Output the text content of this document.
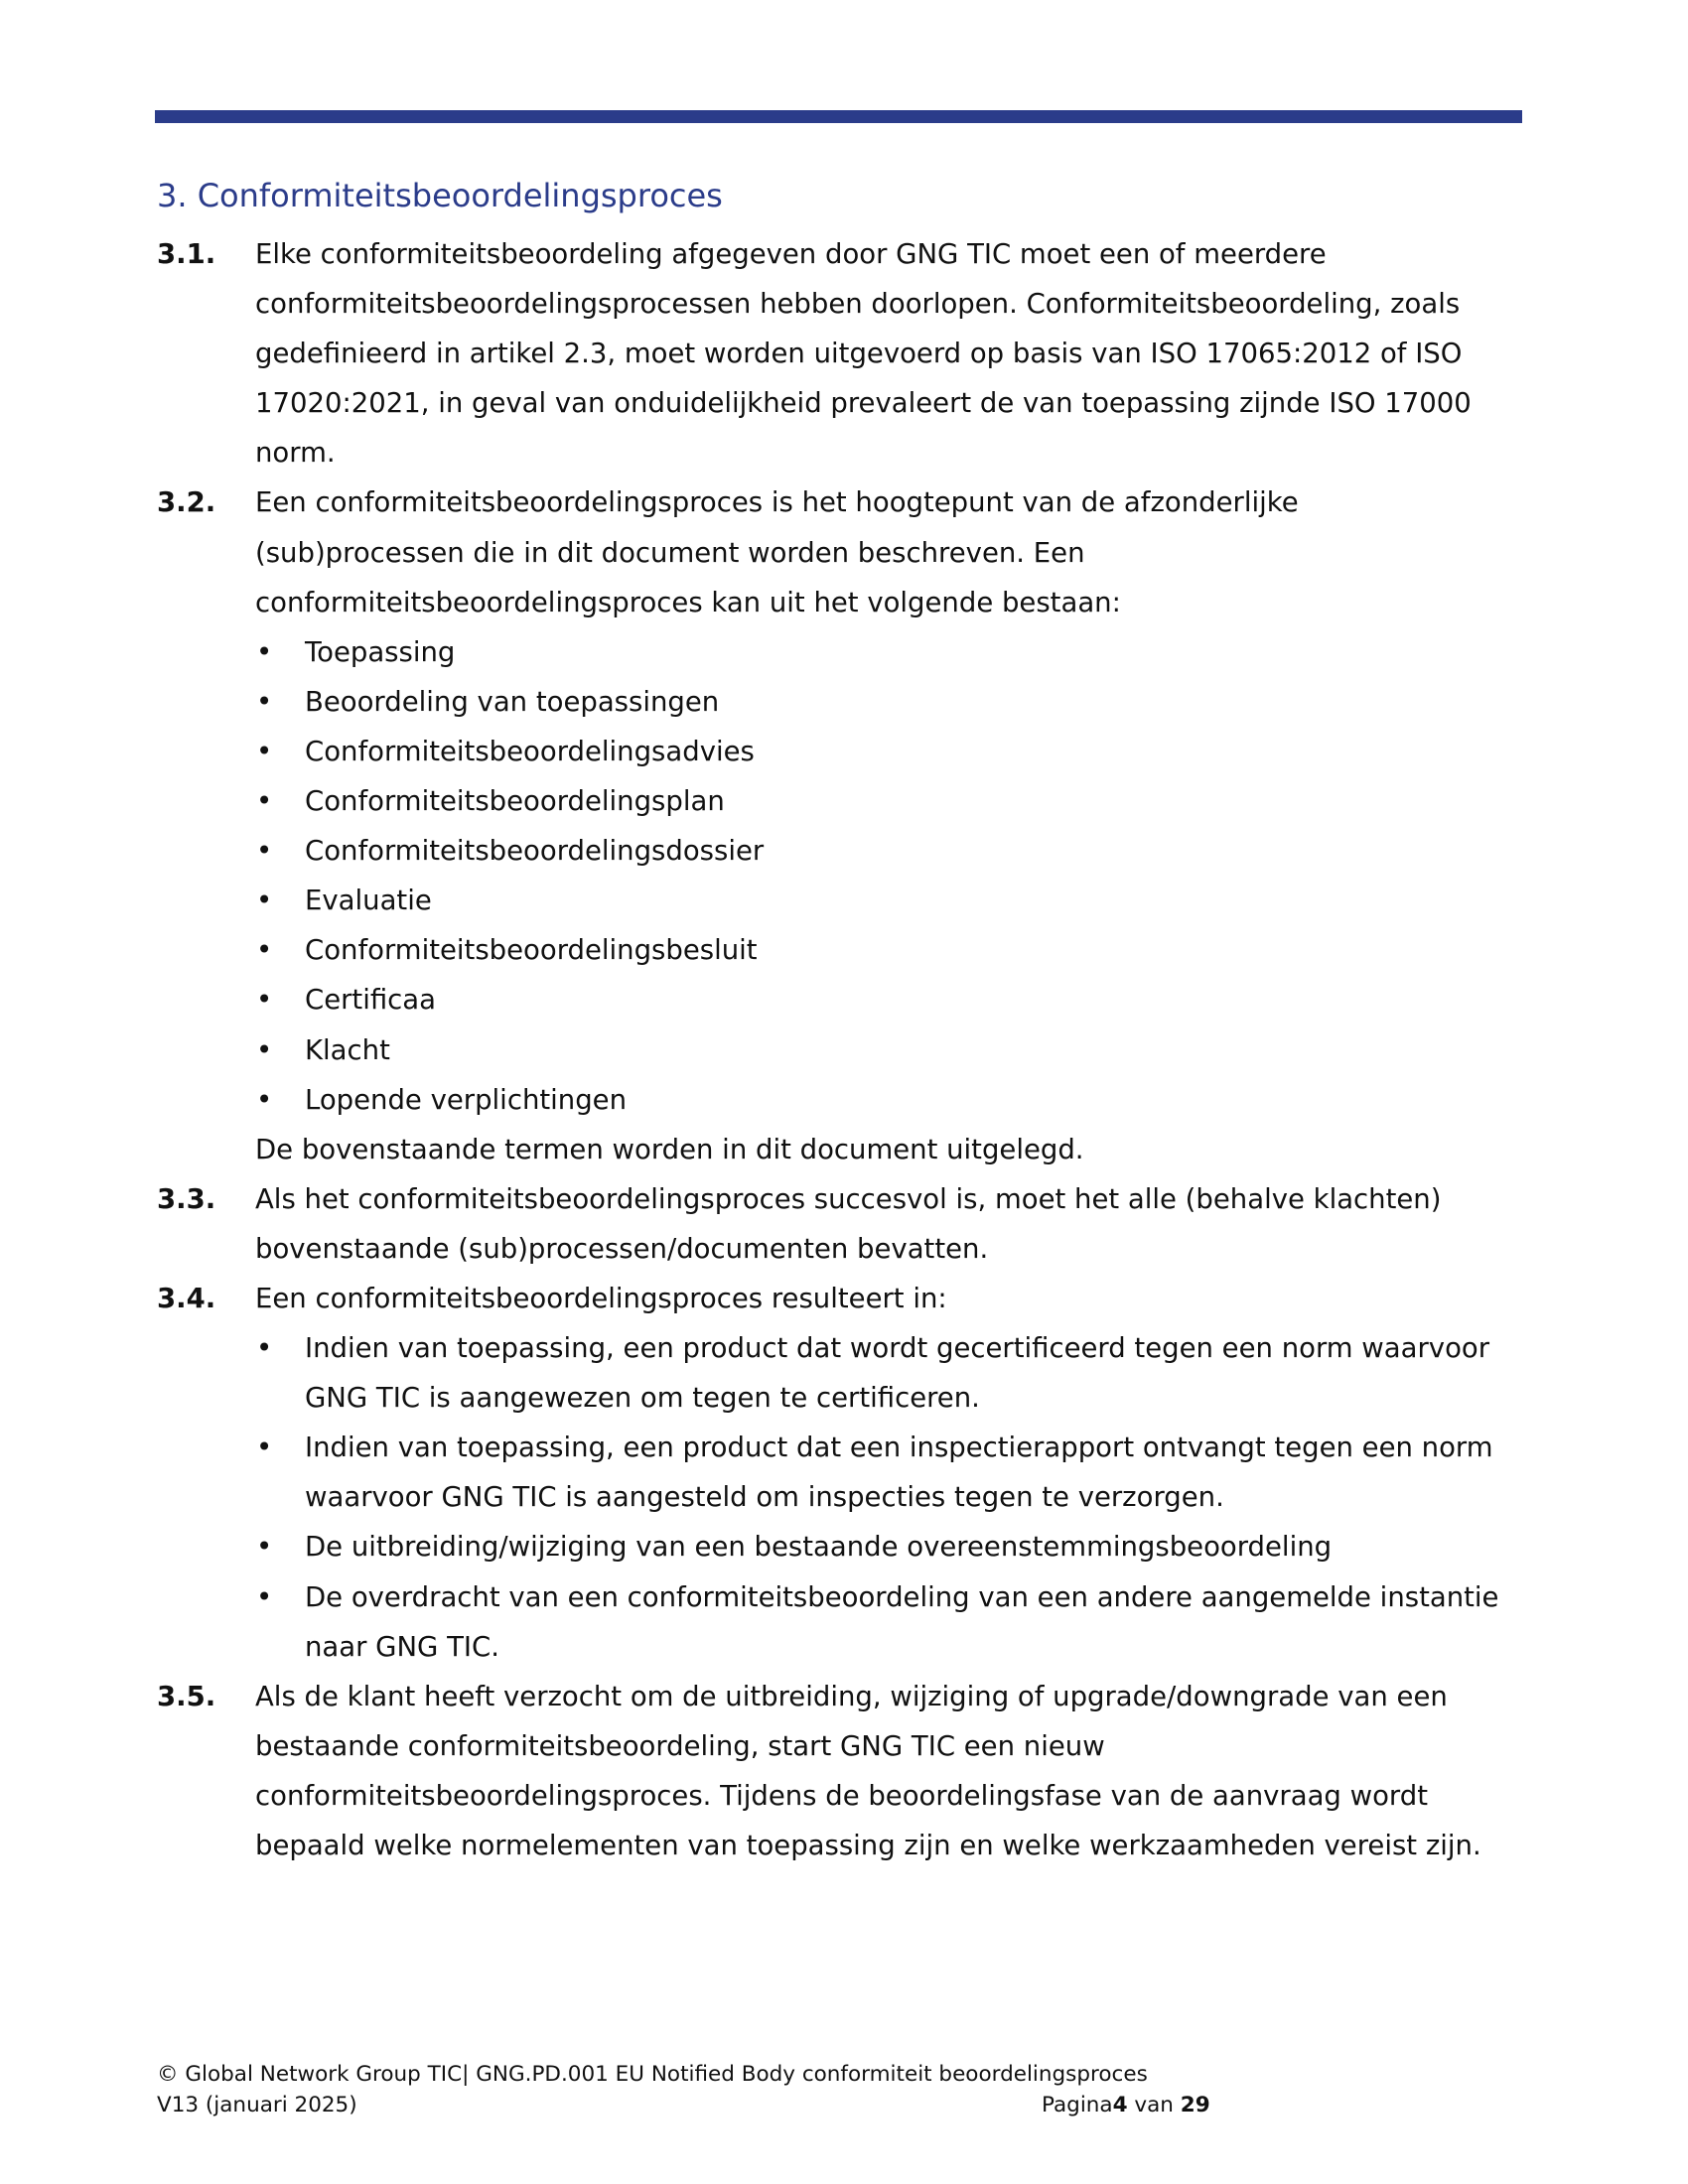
3. Conformiteitsbeoordelingsproces
3.1. Elke conformiteitsbeoordeling afgegeven door GNG TIC moet een of meerdere
conformiteitsbeoordelingsprocessen hebben doorlopen. Conformiteitsbeoordeling, zoals
gedefinieerd in artikel 2.3, moet worden uitgevoerd op basis van ISO 17065:2012 of ISO
17020:2021, in geval van onduidelijkheid prevaleert de van toepassing zijnde ISO 17000
norm.
3.2. Een conformiteitsbeoordelingsproces is het hoogtepunt van de afzonderlijke
(sub)processen die in dit document worden beschreven. Een
conformiteitsbeoordelingsproces kan uit het volgende bestaan:
• Toepassing
• Beoordeling van toepassingen
• Conformiteitsbeoordelingsadvies
• Conformiteitsbeoordelingsplan
• Conformiteitsbeoordelingsdossier
• Evaluatie
• Conformiteitsbeoordelingsbesluit
• Certificaa
• Klacht
• Lopende verplichtingen
De bovenstaande termen worden in dit document uitgelegd.
3.3. Als het conformiteitsbeoordelingsproces succesvol is, moet het alle (behalve klachten)
bovenstaande (sub)processen/documenten bevatten.
3.4. Een conformiteitsbeoordelingsproces resulteert in:
• Indien van toepassing, een product dat wordt gecertificeerd tegen een norm waarvoor
GNG TIC is aangewezen om tegen te certificeren.
• Indien van toepassing, een product dat een inspectierapport ontvangt tegen een norm
waarvoor GNG TIC is aangesteld om inspecties tegen te verzorgen.
• De uitbreiding/wijziging van een bestaande overeenstemmingsbeoordeling
• De overdracht van een conformiteitsbeoordeling van een andere aangemelde instantie
naar GNG TIC.
3.5. Als de klant heeft verzocht om de uitbreiding, wijziging of upgrade/downgrade van een
bestaande conformiteitsbeoordeling, start GNG TIC een nieuw
conformiteitsbeoordelingsproces. Tijdens de beoordelingsfase van de aanvraag wordt
bepaald welke normelementen van toepassing zijn en welke werkzaamheden vereist zijn.
© Global Network Group TIC| GNG.PD.001 EU Notified Body conformiteit beoordelingsproces
V13 (januari 2025)	Pagina4 van 29
